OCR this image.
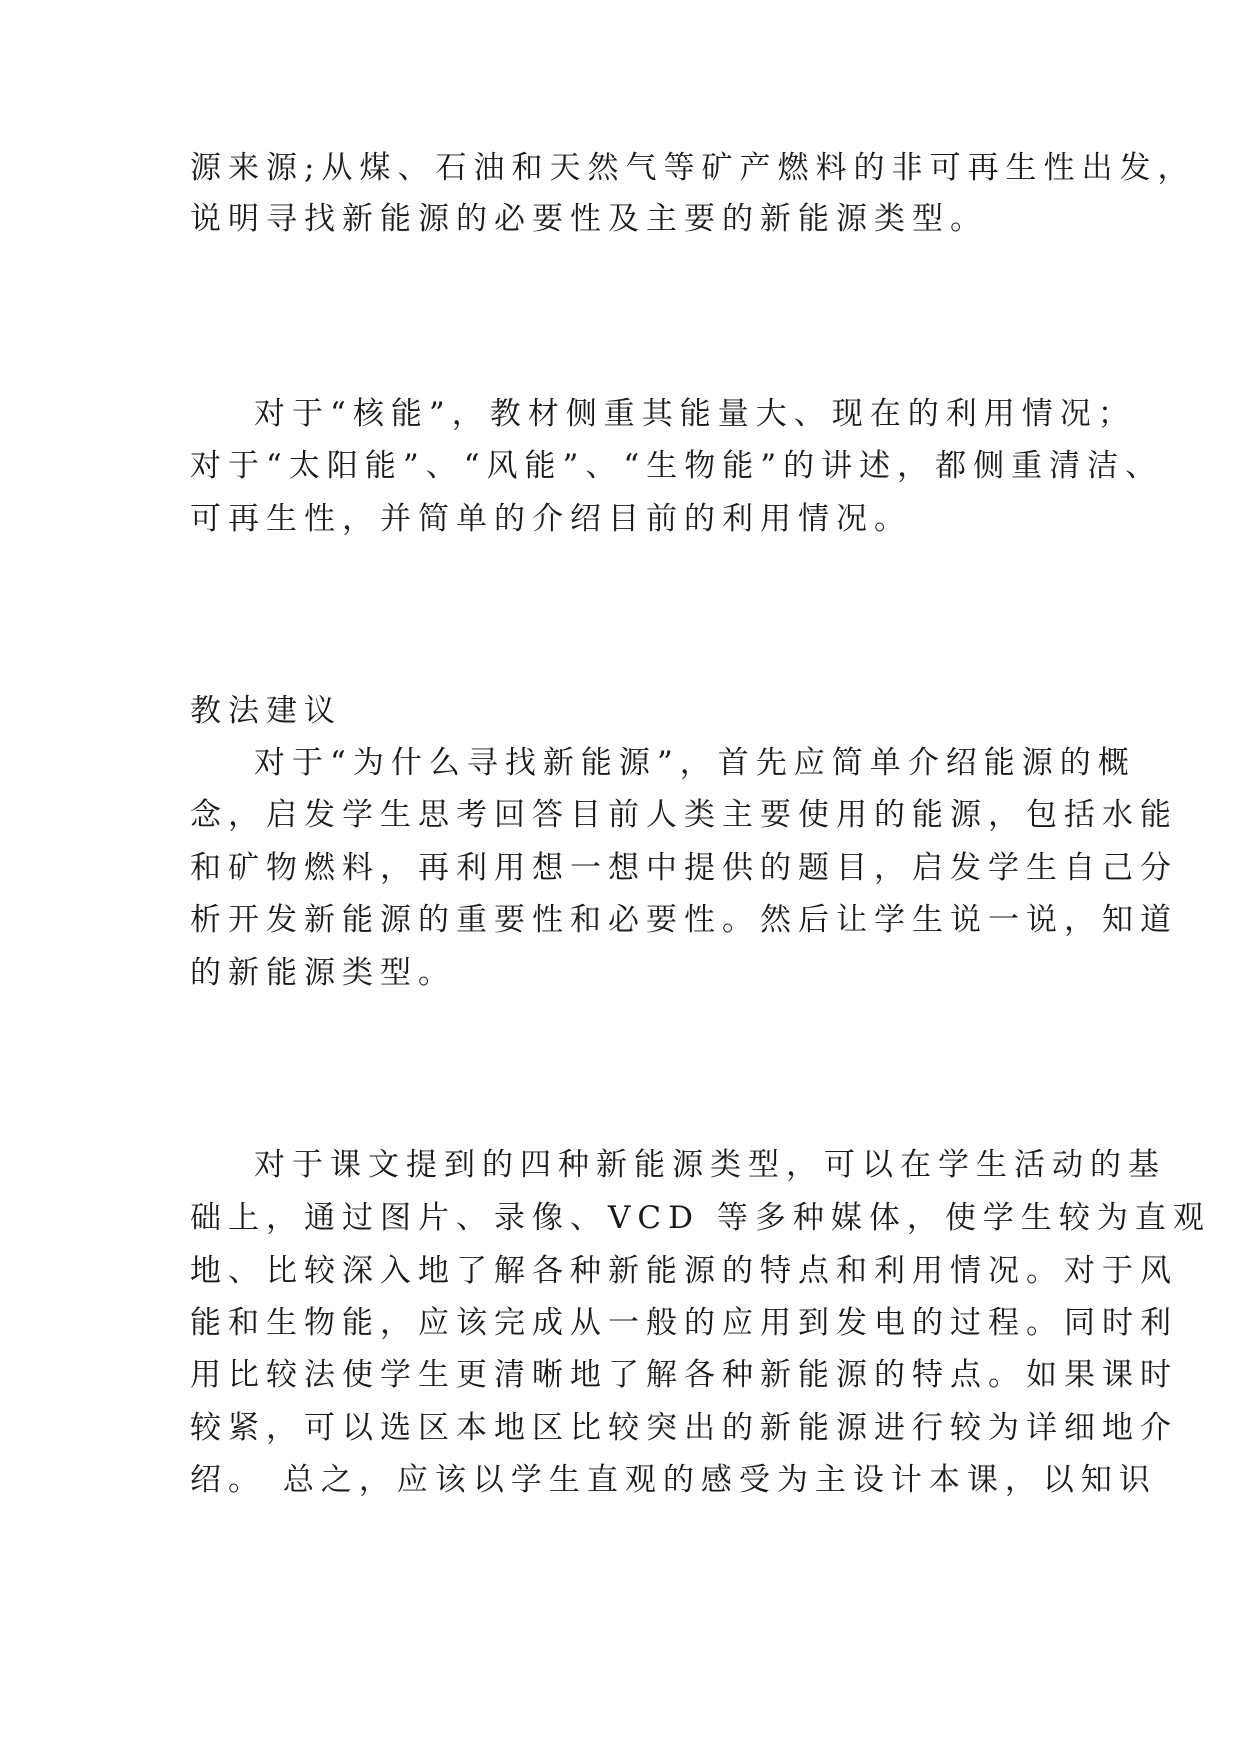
源来源;从煤、石油和天然气等矿产燃料的非可再生性出发，

说明寻找新能源的必要性及主要的新能源类型。

对于“核能”，教材侧重其能量大、现在的利用情况；

对于“太阳能”、“风能”、“生物能”的讲述，都侧重清洁、

可再生性，并简单的介绍目前的利用情况。

教法建议

对于“为什么寻找新能源”，首先应简单介绍能源的概

念，启发学生思考回答目前人类主要使用的能源，包括水能

和矿物燃料，再利用想一想中提供的题目，启发学生自己分

析开发新能源的重要性和必要性。然后让学生说一说，知道

的新能源类型。

对于课文提到的四种新能源类型，可以在学生活动的基

础上，通过图片、录像、VCD 等多种媒体，使学生较为直观

地、比较深入地了解各种新能源的特点和利用情况。对于风

能和生物能，应该完成从一般的应用到发电的过程。同时利

用比较法使学生更清晰地了解各种新能源的特点。如果课时

较紧，可以选区本地区比较突出的新能源进行较为详细地介

绍。 总之，应该以学生直观的感受为主设计本课，以知识
